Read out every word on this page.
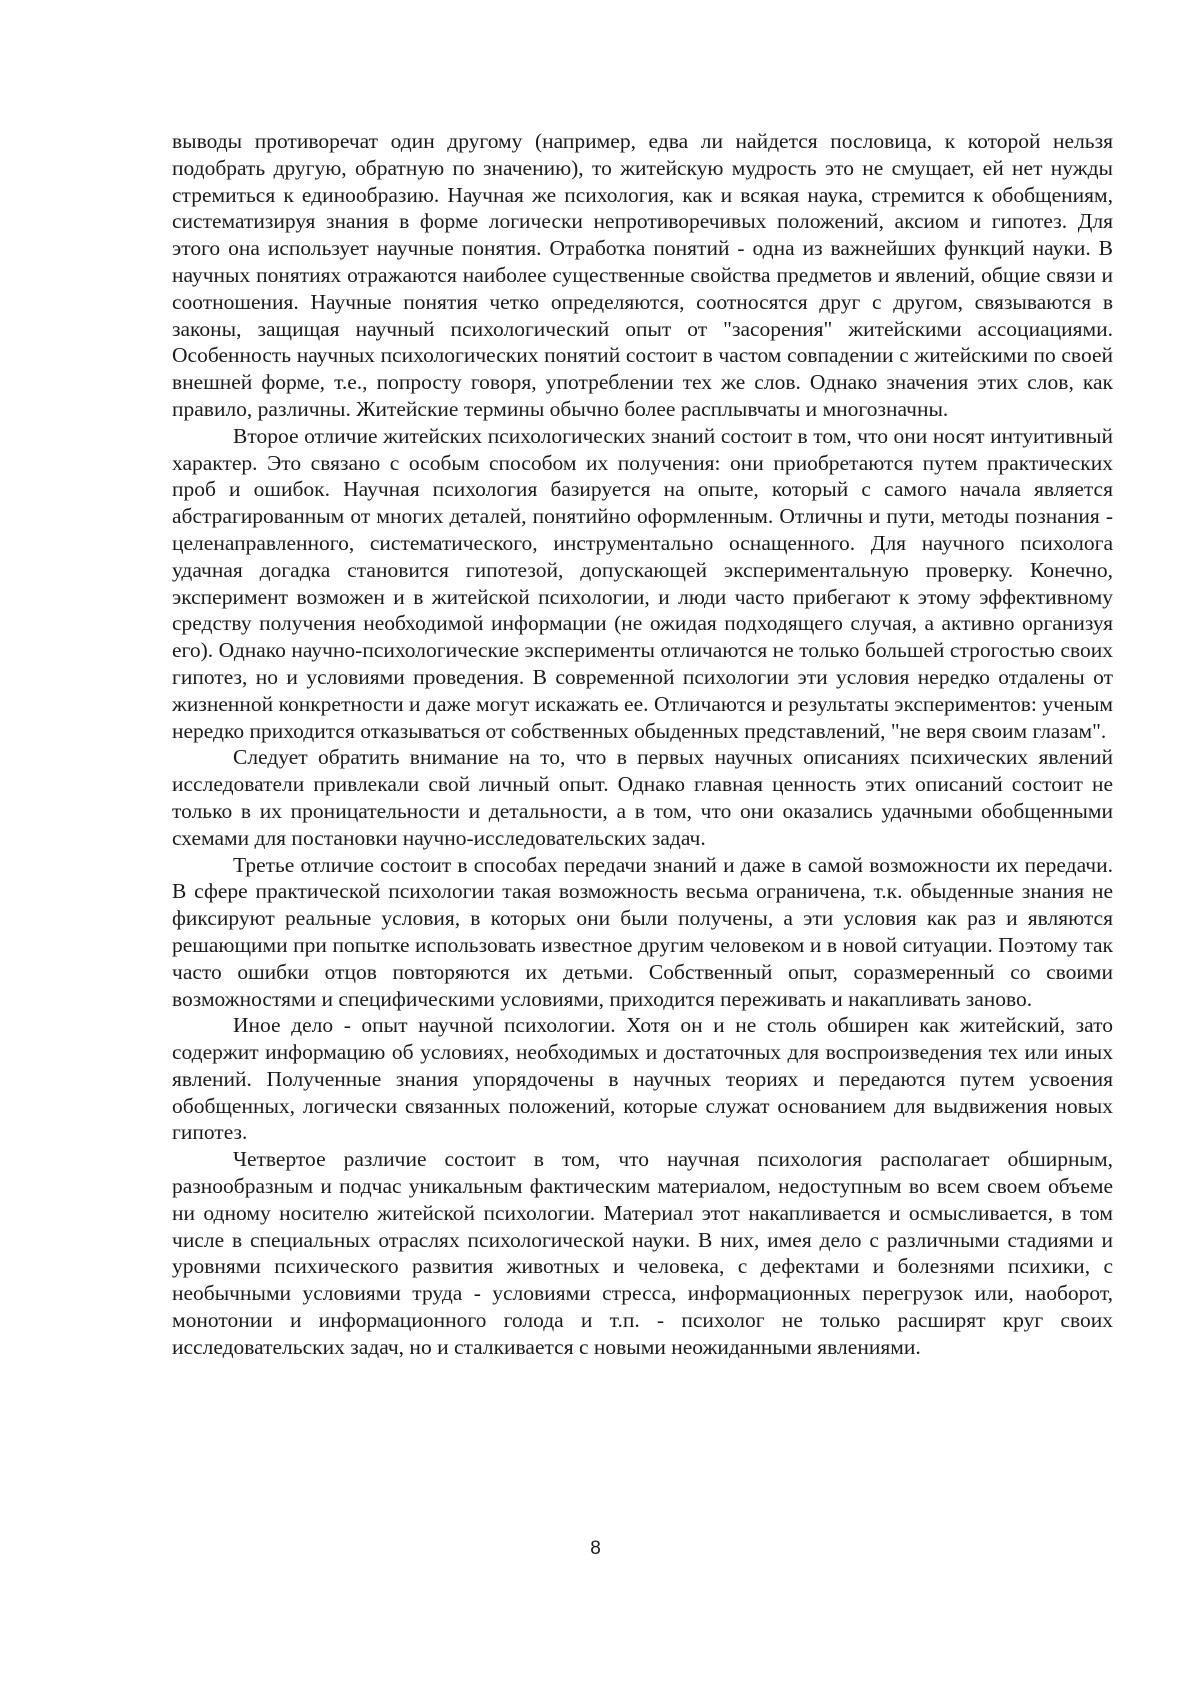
выводы противоречат один другому (например, едва ли найдется пословица, к которой нельзя подобрать другую, обратную по значению), то житейскую мудрость это не смущает, ей нет нужды стремиться к единообразию. Научная же психология, как и всякая наука, стремится к обобщениям, систематизируя знания в форме логически непротиворечивых положений, аксиом и гипотез. Для этого она использует научные понятия. Отработка понятий - одна из важнейших функций науки. В научных понятиях отражаются наиболее существенные свойства предметов и явлений, общие связи и соотношения. Научные понятия четко определяются, соотносятся друг с другом, связываются в законы, защищая научный психологический опыт от "засорения" житейскими ассоциациями. Особенность научных психологических понятий состоит в частом совпадении с житейскими по своей внешней форме, т.е., попросту говоря, употреблении тех же слов. Однако значения этих слов, как правило, различны. Житейские термины обычно более расплывчаты и многозначны.

Второе отличие житейских психологических знаний состоит в том, что они носят интуитивный характер. Это связано с особым способом их получения: они приобретаются путем практических проб и ошибок. Научная психология базируется на опыте, который с самого начала является абстрагированным от многих деталей, понятийно оформленным. Отличны и пути, методы познания - целенаправленного, систематического, инструментально оснащенного. Для научного психолога удачная догадка становится гипотезой, допускающей экспериментальную проверку. Конечно, эксперимент возможен и в житейской психологии, и люди часто прибегают к этому эффективному средству получения необходимой информации (не ожидая подходящего случая, а активно организуя его). Однако научно-психологические эксперименты отличаются не только большей строгостью своих гипотез, но и условиями проведения. В современной психологии эти условия нередко отдалены от жизненной конкретности и даже могут искажать ее. Отличаются и результаты экспериментов: ученым нередко приходится отказываться от собственных обыденных представлений, "не веря своим глазам".

Следует обратить внимание на то, что в первых научных описаниях психических явлений исследователи привлекали свой личный опыт. Однако главная ценность этих описаний состоит не только в их проницательности и детальности, а в том, что они оказались удачными обобщенными схемами для постановки научно-исследовательских задач.

Третье отличие состоит в способах передачи знаний и даже в самой возможности их передачи. В сфере практической психологии такая возможность весьма ограничена, т.к. обыденные знания не фиксируют реальные условия, в которых они были получены, а эти условия как раз и являются решающими при попытке использовать известное другим человеком и в новой ситуации. Поэтому так часто ошибки отцов повторяются их детьми. Собственный опыт, соразмеренный со своими возможностями и специфическими условиями, приходится переживать и накапливать заново.

Иное дело - опыт научной психологии. Хотя он и не столь обширен как житейский, зато содержит информацию об условиях, необходимых и достаточных для воспроизведения тех или иных явлений. Полученные знания упорядочены в научных теориях и передаются путем усвоения обобщенных, логически связанных положений, которые служат основанием для выдвижения новых гипотез.

Четвертое различие состоит в том, что научная психология располагает обширным, разнообразным и подчас уникальным фактическим материалом, недоступным во всем своем объеме ни одному носителю житейской психологии. Материал этот накапливается и осмысливается, в том числе в специальных отраслях психологической науки. В них, имея дело с различными стадиями и уровнями психического развития животных и человека, с дефектами и болезнями психики, с необычными условиями труда - условиями стресса, информационных перегрузок или, наоборот, монотонии и информационного голода и т.п. - психолог не только расширят круг своих исследовательских задач, но и сталкивается с новыми неожиданными явлениями.

8
